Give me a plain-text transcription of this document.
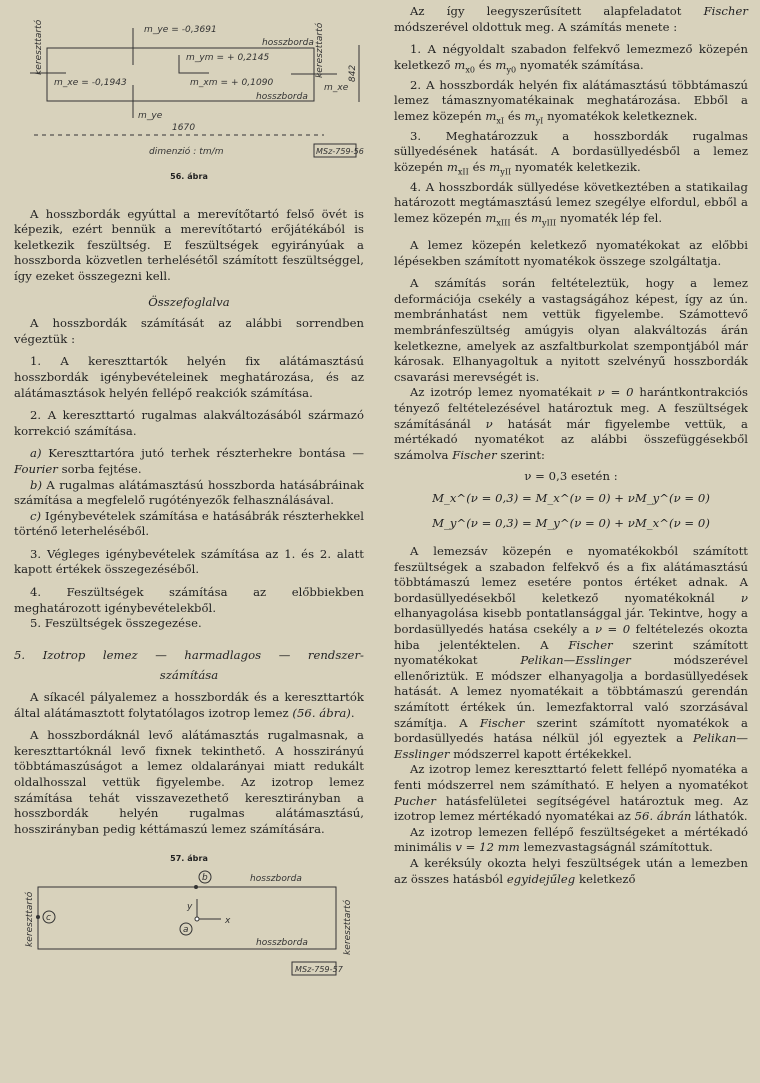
kereszttartó	kereszttartó
hosszborda
hosszborda
m_ye = -0,3691
m_ym = + 0,2145
m_xm = + 0,1090
m_xe = -0,1943
m_ye
m_xe
842
1670
dimenzió : tm/m	MSz-759-56
56. ábra

A hosszbordák egyúttal a merevítőtartó felső övét is képezik, ezért bennük a merevítőtartó erőjátékából is keletkezik feszültség. E feszültségek egyirányúak a hosszborda közvetlen terhelésétől számított feszültséggel, így ezeket összegezni kell.

Összefoglalva

A hosszbordák számítását az alábbi sorrendben végeztük :

1. A kereszttartók helyén fix alátámasztású hosszbordák igénybevételeinek meghatározása, és az alátámasztások helyén fellépő reakciók számítása.

2. A kereszttartó rugalmas alakváltozásából származó korrekció számítása.

a) Kereszttartóra jutó terhek részterhekre bontása — Fourier sorba fejtése.

b) A rugalmas alátámasztású hosszborda hatásábráinak számítása a megfelelő rugótényezők felhasználásával.

c) Igénybevételek számítása e hatásábrák részterhekkel történő leterheléséből.

3. Végleges igénybevételek számítása az 1. és 2. alatt kapott értékek összegezéséből.

4. Feszültségek számítása az előbbiekben meghatározott igénybevételekből.

5. Feszültségek összegezése.

5. Izotrop lemez — harmadlagos — rendszer-
számítása

A síkacél pályalemez a hosszbordák és a kereszttartók által alátámasztott folytatólagos izotrop lemez (56. ábra).

A hosszbordáknál levő alátámasztás rugalmasnak, a kereszttartóknál levő fixnek tekinthető. A hosszirányú többtámaszúságot a lemez oldalarányai miatt redukált oldalhosszal vettük figyelembe. Az izotrop lemez számítása tehát visszavezethető keresztirányban a hosszbordák helyén rugalmas alátámasztású, hosszirányban pedig kéttámaszú lemez számítására.

57. ábra
kereszttartó	kereszttartó
hosszborda
hosszborda
b
c	x
y
a
MSz-759-57

Az így leegyszerűsített alapfeladatot Fischer módszerével oldottuk meg. A számítás menete :

1. A négyoldalt szabadon felfekvő lemezmező közepén keletkező $m_{x0}$ és $m_{y0}$ nyomaték számítása.

2. A hosszbordák helyén fix alátámasztású többtámaszú lemez támasznyomatékainak meghatározása. Ebből a lemez közepén $m_{xI}$ és $m_{yI}$ nyomatékok keletkeznek.

3. Meghatározzuk a hosszbordák rugalmas süllyedésének hatását. A bordasüllyedésből a lemez közepén $m_{xII}$ és $m_{yII}$ nyomaték keletkezik.

4. A hosszbordák süllyedése következtében a statikailag határozott megtámasztású lemez szegélye elfordul, ebből a lemez közepén $m_{xIII}$ és $m_{yIII}$ nyomaték lép fel.

A lemez közepén keletkező nyomatékokat az előbbi lépésekben számított nyomatékok összege szolgáltatja.

A számítás során feltételeztük, hogy a lemez deformációja csekély a vastagságához képest, így az ún. membránhatást nem vettük figyelembe. Számottevő membránfeszültség amúgyis olyan alakváltozás árán keletkezne, amelyek az aszfaltburkolat szempontjából már károsak. Elhanyagoltuk a nyitott szelvényű hosszbordák csavarási merevségét is.

Az izotróp lemez nyomatékait ν = 0 harántkontrakciós tényező feltételezésével határoztuk meg. A feszültségek számításánál ν hatását már figyelembe vettük, a mértékadó nyomatékot az alábbi összefüggésekből számolva Fischer szerint:

ν = 0,3 esetén :

M_x^(ν = 0,3) = M_x^(ν = 0) + νM_y^(ν = 0)

M_y^(ν = 0,3) = M_y^(ν = 0) + νM_x^(ν = 0)

A lemezsáv közepén e nyomatékokból számított feszültségek a szabadon felfekvő és a fix alátámasztású többtámaszú lemez esetére pontos értéket adnak. A bordasüllyedésekből keletkező nyomatékoknál ν elhanyagolása kisebb pontatlansággal jár. Tekintve, hogy a bordasüllyedés hatása csekély a ν = 0 feltételezés okozta hiba jelentéktelen. A Fischer szerint számított nyomatékokat Pelikan—Esslinger módszerével ellenőriztük. E módszer elhanyagolja a bordasüllyedések hatását. A lemez nyomatékait a többtámaszú gerendán számított értékek ún. lemezfaktorral való szorzásával számítja. A Fischer szerint számított nyomatékok a bordasüllyedés hatása nélkül jól egyeztek a Pelikan—Esslinger módszerrel kapott értékekkel.

Az izotrop lemez kereszttartó felett fellépő nyomatéka a fenti módszerrel nem számítható. E helyen a nyomatékot Pucher hatásfelületei segítségével határoztuk meg. Az izotrop lemez mértékadó nyomatékai az 56. ábrán láthatók.

Az izotrop lemezen fellépő feszültségeket a mértékadó minimális v = 12 mm lemezvastagságnál számítottuk.

A keréksúly okozta helyi feszültségek után a lemezben az összes hatásból egyidejűleg keletkező
